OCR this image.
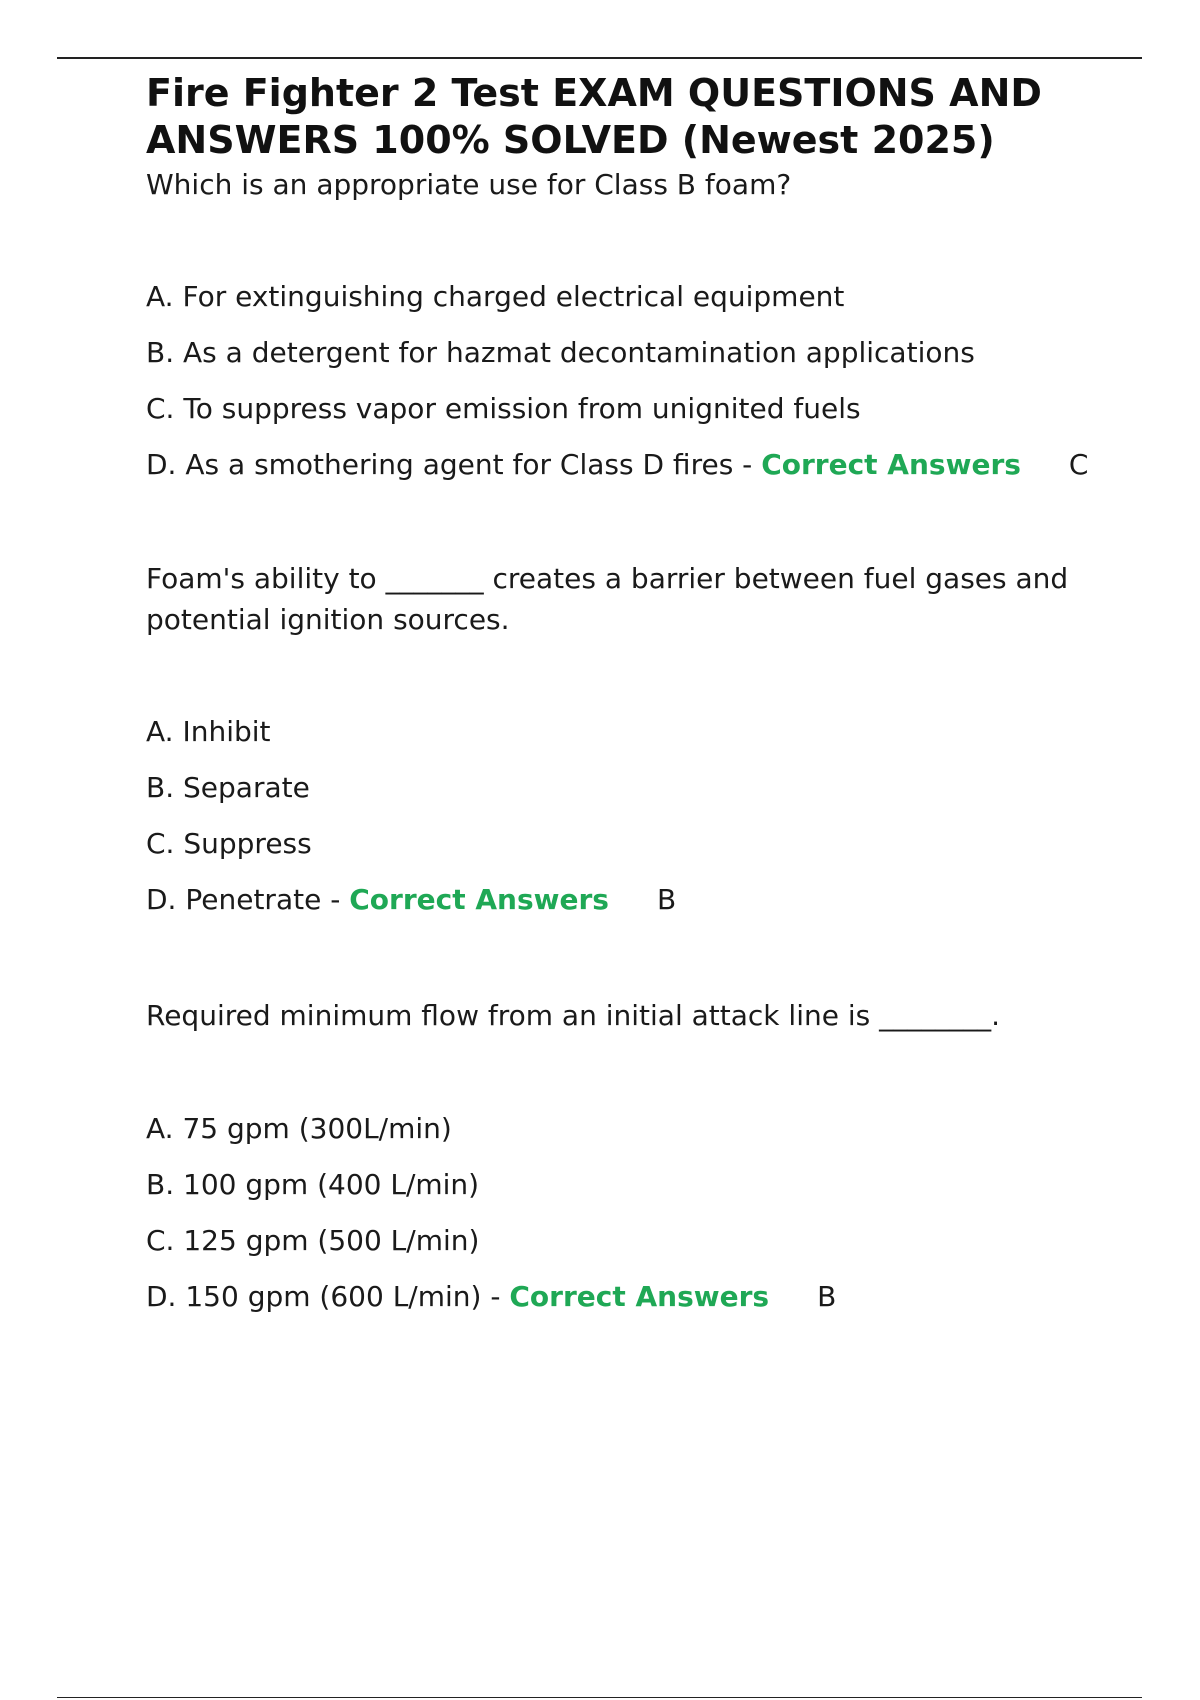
Fire Fighter 2 Test EXAM QUESTIONS AND ANSWERS 100% SOLVED (Newest 2025)

Which is an appropriate use for Class B foam?

A. For extinguishing charged electrical equipment
B. As a detergent for hazmat decontamination applications
C. To suppress vapor emission from unignited fuels
D. As a smothering agent for Class D fires - Correct Answers C

Foam's ability to _______ creates a barrier between fuel gases and potential ignition sources.

A. Inhibit
B. Separate
C. Suppress
D. Penetrate - Correct Answers B

Required minimum flow from an initial attack line is ________.

A. 75 gpm (300L/min)
B. 100 gpm (400 L/min)
C. 125 gpm (500 L/min)
D. 150 gpm (600 L/min) - Correct Answers B
